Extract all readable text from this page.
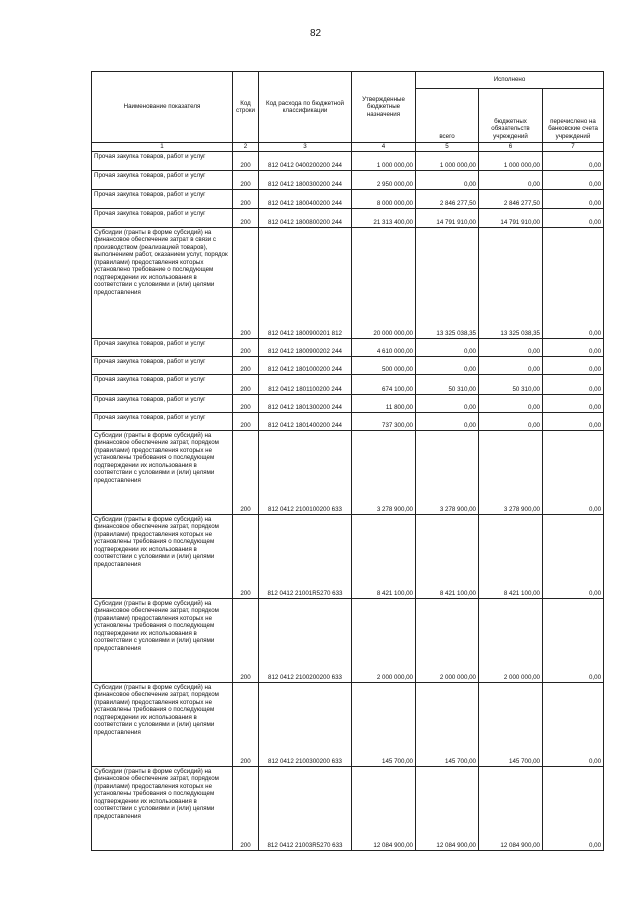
82
Наименование показателя	Код строки	Код расхода по бюджетной классификации	Утвержденные бюджетные назначения	Исполнено		
				всего	бюджетных обязательств учреждений	перечислено на банковские счета учреждений
1	2	3	4	5	6	7
Прочая закупка товаров, работ и услуг	200	812 0412 0400200200 244	1 000 000,00	1 000 000,00	1 000 000,00	0,00
Прочая закупка товаров, работ и услуг	200	812 0412 1800300200 244	2 950 000,00	0,00	0,00	0,00
Прочая закупка товаров, работ и услуг	200	812 0412 1800400200 244	8 000 000,00	2 846 277,50	2 846 277,50	0,00
Прочая закупка товаров, работ и услуг	200	812 0412 1800800200 244	21 313 400,00	14 791 910,00	14 791 910,00	0,00
Субсидии (гранты в форме субсидий) на финансовое обеспечение затрат в связи с производством (реализацией товаров), выполнением работ, оказанием услуг, порядок (правилами) предоставления которых установлено требование о последующем подтверждении их использования в соответствии с условиями и (или) целями предоставления	200	812 0412 1800900201 812	20 000 000,00	13 325 038,35	13 325 038,35	0,00
Прочая закупка товаров, работ и услуг	200	812 0412 1800900202 244	4 610 000,00	0,00	0,00	0,00
Прочая закупка товаров, работ и услуг	200	812 0412 1801000200 244	500 000,00	0,00	0,00	0,00
Прочая закупка товаров, работ и услуг	200	812 0412 1801100200 244	674 100,00	50 310,00	50 310,00	0,00
Прочая закупка товаров, работ и услуг	200	812 0412 1801300200 244	11 800,00	0,00	0,00	0,00
Прочая закупка товаров, работ и услуг	200	812 0412 1801400200 244	737 300,00	0,00	0,00	0,00
Субсидии (гранты в форме субсидий) на финансовое обеспечение затрат, порядком (правилами) предоставления которых не установлены требования о последующем подтверждении их использования в соответствии с условиями и (или) целями предоставления	200	812 0412 2100100200 633	3 278 900,00	3 278 900,00	3 278 900,00	0,00
Субсидии (гранты в форме субсидий) на финансовое обеспечение затрат, порядком (правилами) предоставления которых не установлены требования о последующем подтверждении их использования в соответствии с условиями и (или) целями предоставления	200	812 0412 21001R5270 633	8 421 100,00	8 421 100,00	8 421 100,00	0,00
Субсидии (гранты в форме субсидий) на финансовое обеспечение затрат, порядком (правилами) предоставления которых не установлены требования о последующем подтверждении их использования в соответствии с условиями и (или) целями предоставления	200	812 0412 2100200200 633	2 000 000,00	2 000 000,00	2 000 000,00	0,00
Субсидии (гранты в форме субсидий) на финансовое обеспечение затрат, порядком (правилами) предоставления которых не установлены требования о последующем подтверждении их использования в соответствии с условиями и (или) целями предоставления	200	812 0412 2100300200 633	145 700,00	145 700,00	145 700,00	0,00
Субсидии (гранты в форме субсидий) на финансовое обеспечение затрат, порядком (правилами) предоставления которых не установлены требования о последующем подтверждении их использования в соответствии с условиями и (или) целями предоставления	200	812 0412 21003R5270 633	12 084 900,00	12 084 900,00	12 084 900,00	0,00
